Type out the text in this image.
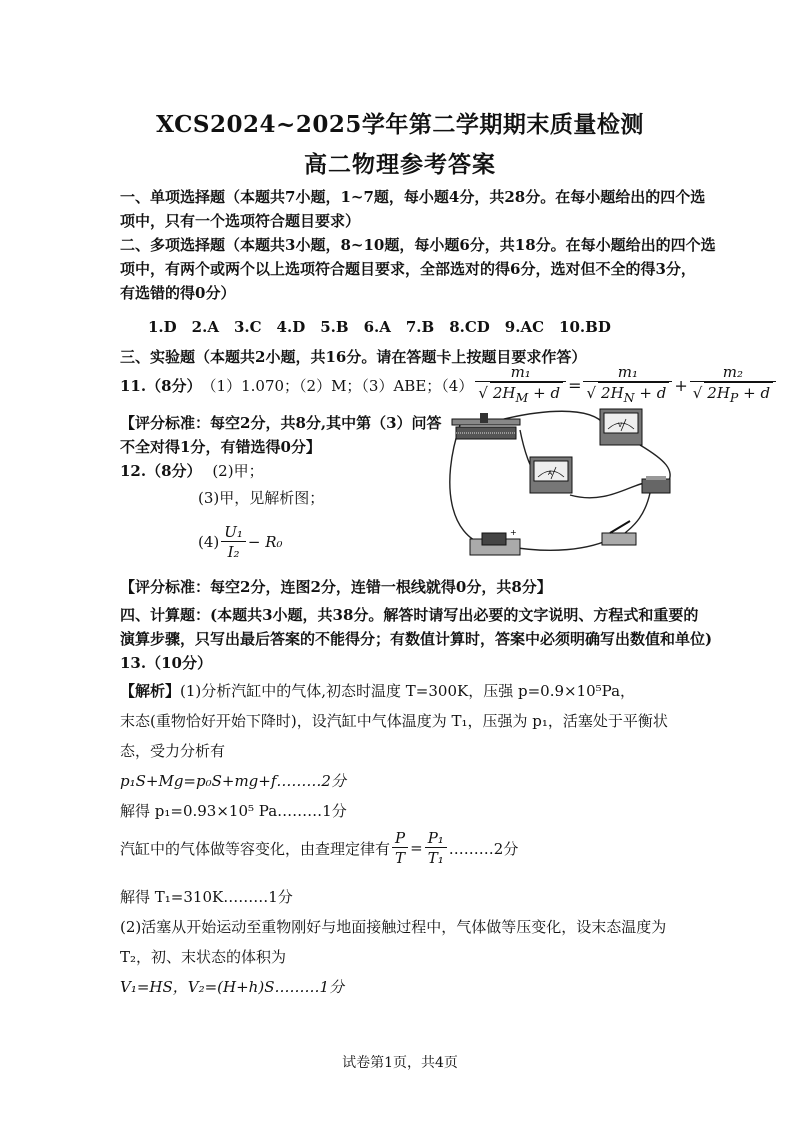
XCS2024~2025学年第二学期期末质量检测
高二物理参考答案
一、单项选择题（本题共7小题，1~7题，每小题4分，共28分。在每小题给出的四个选
项中，只有一个选项符合题目要求）
二、多项选择题（本题共3小题，8~10题，每小题6分，共18分。在每小题给出的四个选
项中，有两个或两个以上选项符合题目要求，全部选对的得6分，选对但不全的得3分，
有选错的得0分）
1.D　2.A　3.C　4.D　5.B　6.A　7.B　8.CD　9.AC　10.BD
三、实验题（本题共2小题，共16分。请在答题卡上按题目要求作答）
11.（8分） （1）1.070；（2）M；（3）ABE；$(4) \frac{\text{m₁}}{√ 2H_M + d} = \frac{\text{m₁}}{√ 2H_N + d} + \frac{\text{m₂}}{√ 2H_P + d}$
【评分标准：每空2分，共8分,其中第（3）问答
不全对得1分，有错选得0分】
12.（8分） (2)甲；
(3)甲，见解析图；
$(4) \frac{\text{U₁}}{\text{I₂}} - R_0$
V
A
+
【评分标准：每空2分，连图2分，连错一根线就得0分，共8分】
四、计算题：(本题共3小题，共38分。解答时请写出必要的文字说明、方程式和重要的
演算步骤，只写出最后答案的不能得分；有数值计算时，答案中必须明确写出数值和单位)
13.（10分）
【解析】(1)分析汽缸中的气体,初态时温度 T=300K，压强 p=0.9×10⁵Pa，
末态(重物恰好开始下降时)，设汽缸中气体温度为 T₁，压强为 p₁，活塞处于平衡状
态，受力分析有
p₁S+Mg=p₀S+mg+f………2分
解得 p₁=0.93×10⁵ Pa………1分
汽缸中的气体做等容变化，由查理定律有 $\frac{P}{T} = \frac{\text{P₁}}{\text{T₁}}$ ………2分
解得 T₁=310K………1分
(2)活塞从开始运动至重物刚好与地面接触过程中，气体做等压变化，设末态温度为
T₂，初、末状态的体积为
V₁=HS，V₂=(H+h)S………1分
试卷第1页，共4页
